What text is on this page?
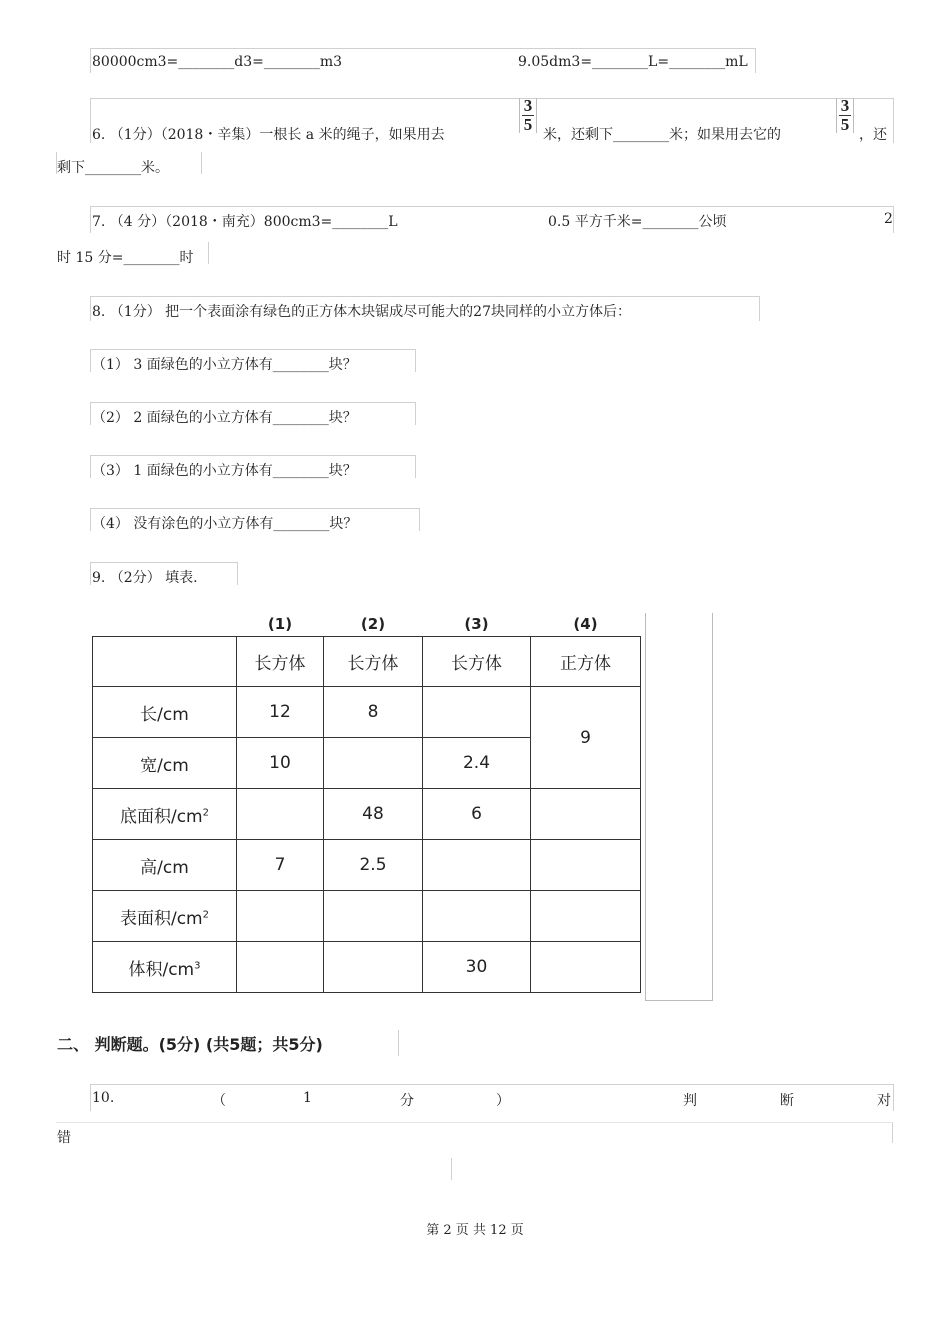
80000cm3=________d3=________m3	9.05dm3=________L=________mL
6. （1分）（2018・辛集）一根长 a 米的绳子，如果用去
3
5
米，还剩下________米；如果用去它的
3
5
，还
剩下________米。
7. （4 分）（2018・南充）800cm3=________L	0.5 平方千米=________公顷	2
时 15 分=________时
8. （1分） 把一个表面涂有绿色的正方体木块锯成尽可能大的27块同样的小立方体后：
（1） 3 面绿色的小立方体有________块？
（2） 2 面绿色的小立方体有________块？
（3） 1 面绿色的小立方体有________块？
（4） 没有涂色的小立方体有________块？
9. （2分） 填表.
	(1)	(2)	(3)	(4)
	长方体	长方体	长方体	正方体
长/cm	12	8		9
宽/cm	10		2.4	
底面积$/cm^2$		48	6	
高/cm	7	2.5		
表面积$/cm^2$				
体积$/cm^3$			30	
二、 判断题。(5分) (共5题；共5分)
10.	（	1	分	）	判	断	对
错
第 2 页 共 12 页
